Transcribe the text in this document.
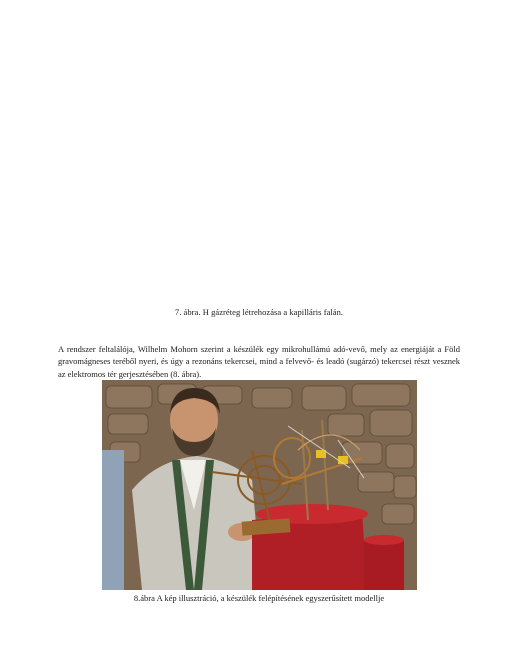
7. ábra. H gázréteg létrehozása a kapilláris falán.

A rendszer feltalálója, Wilhelm Mohorn szerint a készülék egy mikrohullámú adó-vevő, mely az energiáját a Föld gravomágneses teréből nyeri, és úgy a rezonáns tekercsei, mind a felvevő- és leadó (sugárzó) tekercsei részt vesznek az elektromos tér gerjesztésében (8. ábra).

8.ábra A kép illusztráció, a készülék felépítésének egyszerűsített modellje
